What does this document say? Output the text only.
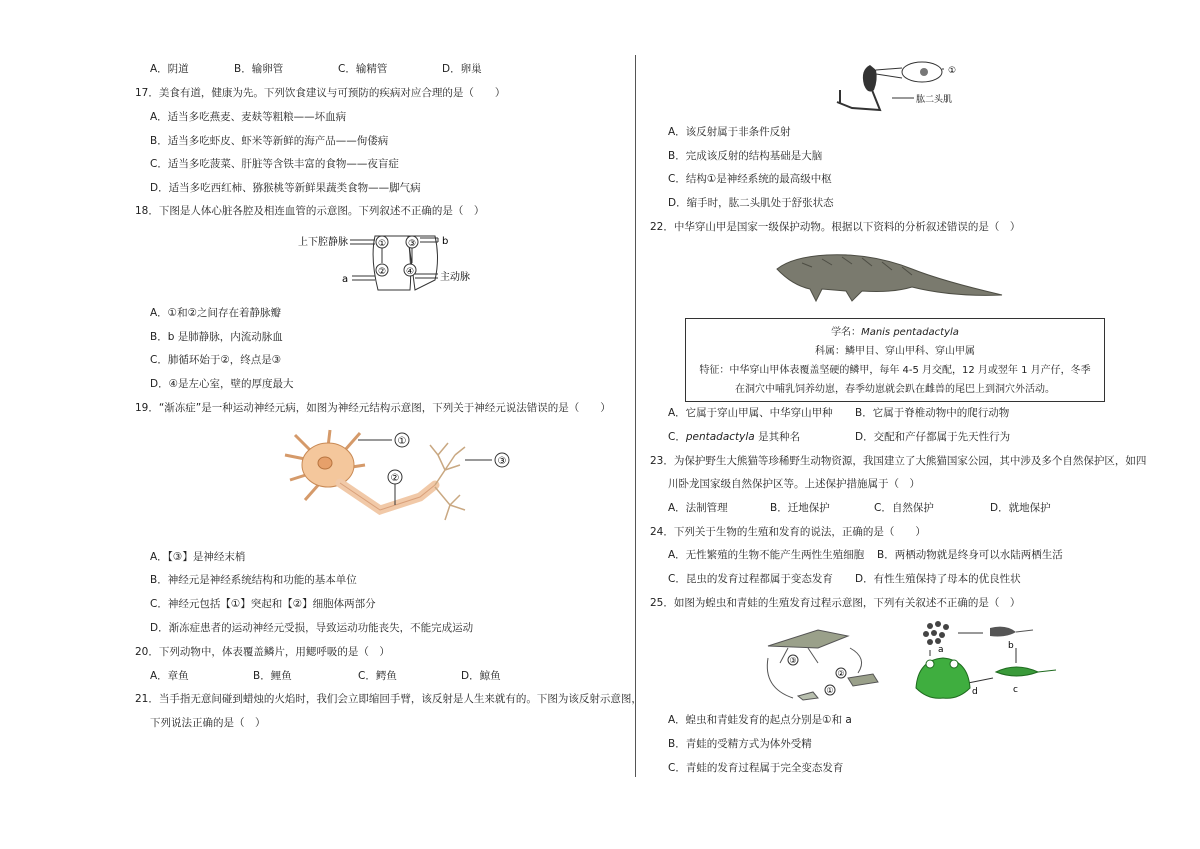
A．阴道	B．输卵管	C．输精管	D．卵巢
17．美食有道，健康为先。下列饮食建议与可预防的疾病对应合理的是（　　）
A．适当多吃燕麦、麦麸等粗粮——坏血病
B．适当多吃虾皮、虾米等新鲜的海产品——佝偻病
C．适当多吃菠菜、肝脏等含铁丰富的食物——夜盲症
D．适当多吃西红柿、猕猴桃等新鲜果蔬类食物——脚气病
18．下图是人体心脏各腔及相连血管的示意图。下列叙述不正确的是（　）
上下腔静脉	①
②
③
④
b
a	主动脉
A．①和②之间存在着静脉瓣
B．b 是肺静脉，内流动脉血
C．肺循环始于②，终点是③
D．④是左心室，壁的厚度最大
19．“渐冻症”是一种运动神经元病，如图为神经元结构示意图，下列关于神经元说法错误的是（　　）
①
②
③
A．【③】是神经末梢
B．神经元是神经系统结构和功能的基本单位
C．神经元包括【①】突起和【②】细胞体两部分
D．渐冻症患者的运动神经元受损，导致运动功能丧失，不能完成运动
20．下列动物中，体表覆盖鳞片，用鳃呼吸的是（　）
A．章鱼	B．鲤鱼	C．鳄鱼	D．鲸鱼
21．当手指无意间碰到蜡烛的火焰时，我们会立即缩回手臂，该反射是人生来就有的。下图为该反射示意图，
下列说法正确的是（　）
①
肱二头肌
A．该反射属于非条件反射
B．完成该反射的结构基础是大脑
C．结构①是神经系统的最高级中枢
D．缩手时，肱二头肌处于舒张状态
22．中华穿山甲是国家一级保护动物。根据以下资料的分析叙述错误的是（　）
学名：Manis pentadactyla
科属：鳞甲目、穿山甲科、穿山甲属
特征：中华穿山甲体表覆盖坚硬的鳞甲，每年 4-5 月交配，12 月或翌年 1 月产仔，冬季
在洞穴中哺乳饲养幼崽，春季幼崽就会趴在雌兽的尾巴上到洞穴外活动。
A．它属于穿山甲属、中华穿山甲种 B．它属于脊椎动物中的爬行动物
C．pentadactyla 是其种名	D．交配和产仔都属于先天性行为
23．为保护野生大熊猫等珍稀野生动物资源，我国建立了大熊猫国家公园，其中涉及多个自然保护区，如四
川卧龙国家级自然保护区等。上述保护措施属于（　）
A．法制管理	B．迁地保护	C．自然保护	D．就地保护
24．下列关于生物的生殖和发育的说法，正确的是（　　）
A．无性繁殖的生物不能产生两性生殖细胞 B．两栖动物就是终身可以水陆两栖生活
C．昆虫的发育过程都属于变态发育 D．有性生殖保持了母本的优良性状
25．如图为蝗虫和青蛙的生殖发育过程示意图，下列有关叙述不正确的是（　）
③
②
①
a	b
c
d
A．蝗虫和青蛙发育的起点分别是①和 a
B．青蛙的受精方式为体外受精
C．青蛙的发育过程属于完全变态发育
